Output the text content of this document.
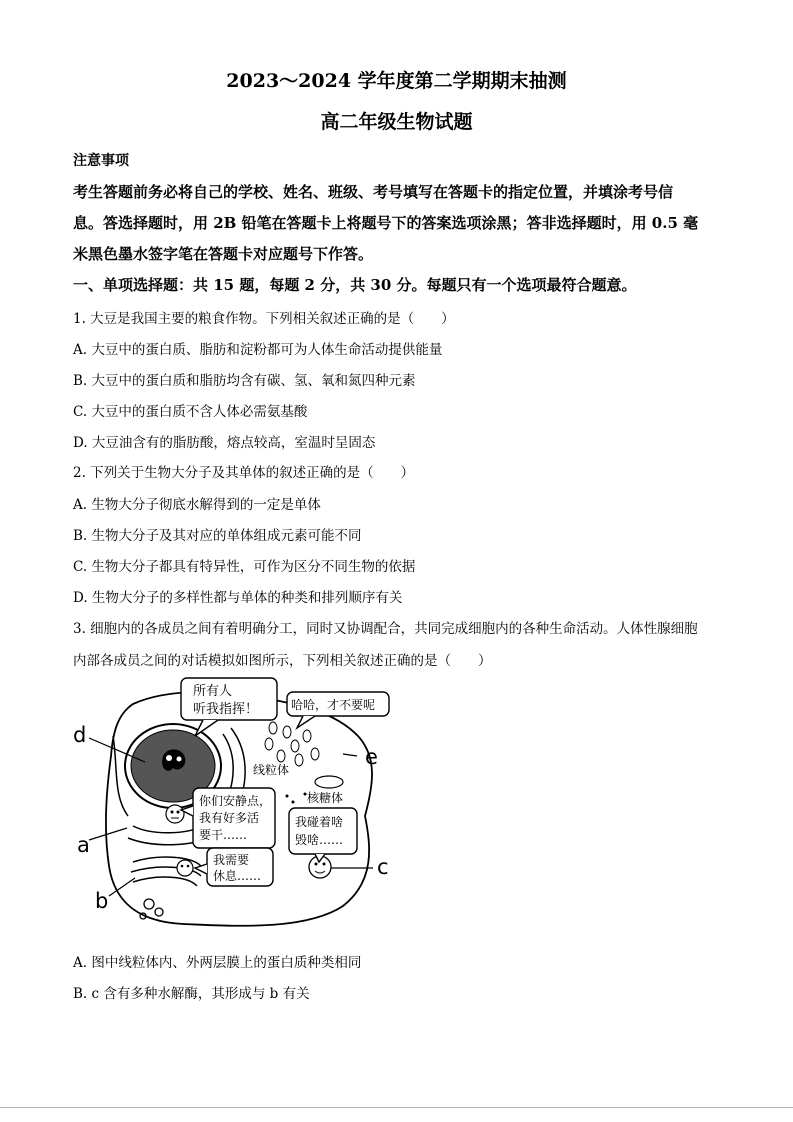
2023～2024 学年度第二学期期末抽测
高二年级生物试题
注意事项
考生答题前务必将自己的学校、姓名、班级、考号填写在答题卡的指定位置，并填涂考号信
息。答选择题时，用 2B 铅笔在答题卡上将题号下的答案选项涂黑；答非选择题时，用 0.5 毫
米黑色墨水签字笔在答题卡对应题号下作答。
一、单项选择题：共 15 题，每题 2 分，共 30 分。每题只有一个选项最符合题意。
1. 大豆是我国主要的粮食作物。下列相关叙述正确的是（　　）
A. 大豆中的蛋白质、脂肪和淀粉都可为人体生命活动提供能量
B. 大豆中的蛋白质和脂肪均含有碳、氢、氧和氮四种元素
C. 大豆中的蛋白质不含人体必需氨基酸
D. 大豆油含有的脂肪酸，熔点较高，室温时呈固态
2. 下列关于生物大分子及其单体的叙述正确的是（　　）
A. 生物大分子彻底水解得到的一定是单体
B. 生物大分子及其对应的单体组成元素可能不同
C. 生物大分子都具有特异性，可作为区分不同生物的依据
D. 生物大分子的多样性都与单体的种类和排列顺序有关
3. 细胞内的各成员之间有着明确分工，同时又协调配合，共同完成细胞内的各种生命活动。人体性腺细胞
内部各成员之间的对话模拟如图所示，下列相关叙述正确的是（　　）
所有人
听我指挥！	哈哈，才不要呢
你们安静点，
我有好多活
要干……
我需要
休息……
我碰着啥
毁啥……
线粒体
核糖体
d
e
a
b
c
A. 图中线粒体内、外两层膜上的蛋白质种类相同
B. c 含有多种水解酶，其形成与 b 有关
